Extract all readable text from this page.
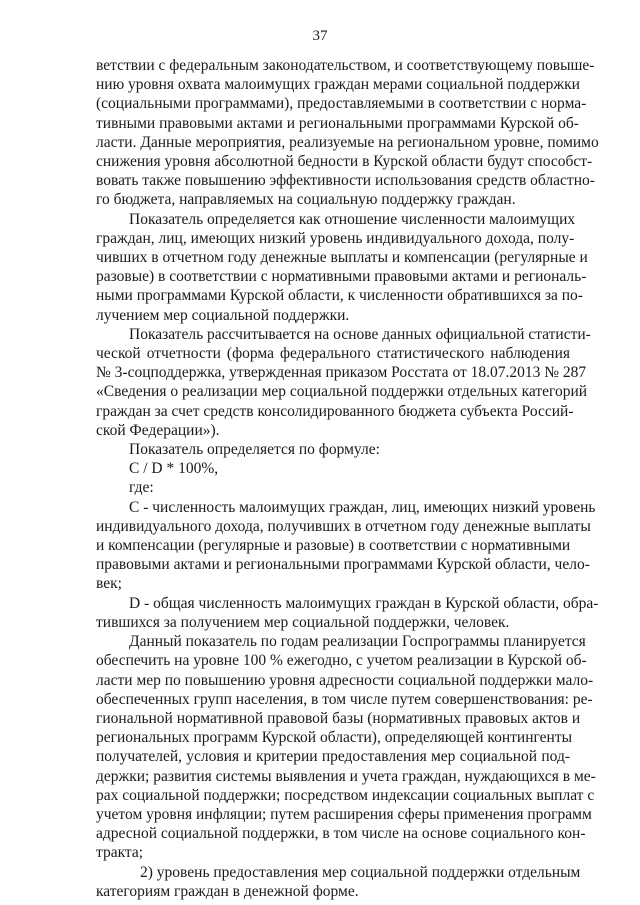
37
ветствии с федеральным законодательством, и соответствующему повыше-
нию уровня охвата малоимущих граждан мерами социальной поддержки
(социальными программами), предоставляемыми в соответствии с норма-
тивными правовыми актами и региональными программами Курской об-
ласти. Данные мероприятия, реализуемые на региональном уровне, помимо
снижения уровня абсолютной бедности в Курской области будут способст-
вовать также повышению эффективности использования средств областно-
го бюджета, направляемых на социальную поддержку граждан.
Показатель определяется как отношение численности малоимущих
граждан, лиц, имеющих низкий уровень индивидуального дохода, полу-
чивших в отчетном году денежные выплаты и компенсации (регулярные и
разовые) в соответствии с нормативными правовыми актами и региональ-
ными программами Курской области, к численности обратившихся за по-
лучением мер социальной поддержки.
Показатель рассчитывается на основе данных официальной статисти-
ческой отчетности (форма федерального статистического наблюдения
№ 3-соцподдержка, утвержденная приказом Росстата от 18.07.2013 № 287
«Сведения о реализации мер социальной поддержки отдельных категорий
граждан за счет средств консолидированного бюджета субъекта Россий-
ской Федерации»).
Показатель определяется по формуле:
C / D * 100%,
где:
C - численность малоимущих граждан, лиц, имеющих низкий уровень
индивидуального дохода, получивших в отчетном году денежные выплаты
и компенсации (регулярные и разовые) в соответствии с нормативными
правовыми актами и региональными программами Курской области, чело-
век;
D - общая численность малоимущих граждан в Курской области, обра-
тившихся за получением мер социальной поддержки, человек.
Данный показатель по годам реализации Госпрограммы планируется
обеспечить на уровне 100 % ежегодно, с учетом реализации в Курской об-
ласти мер по повышению уровня адресности социальной поддержки мало-
обеспеченных групп населения, в том числе путем совершенствования: ре-
гиональной нормативной правовой базы (нормативных правовых актов и
региональных программ Курской области), определяющей контингенты
получателей, условия и критерии предоставления мер социальной под-
держки; развития системы выявления и учета граждан, нуждающихся в ме-
рах социальной поддержки; посредством индексации социальных выплат с
учетом уровня инфляции; путем расширения сферы применения программ
адресной социальной поддержки, в том числе на основе социального кон-
тракта;
2) уровень предоставления мер социальной поддержки отдельным
категориям граждан в денежной форме.
